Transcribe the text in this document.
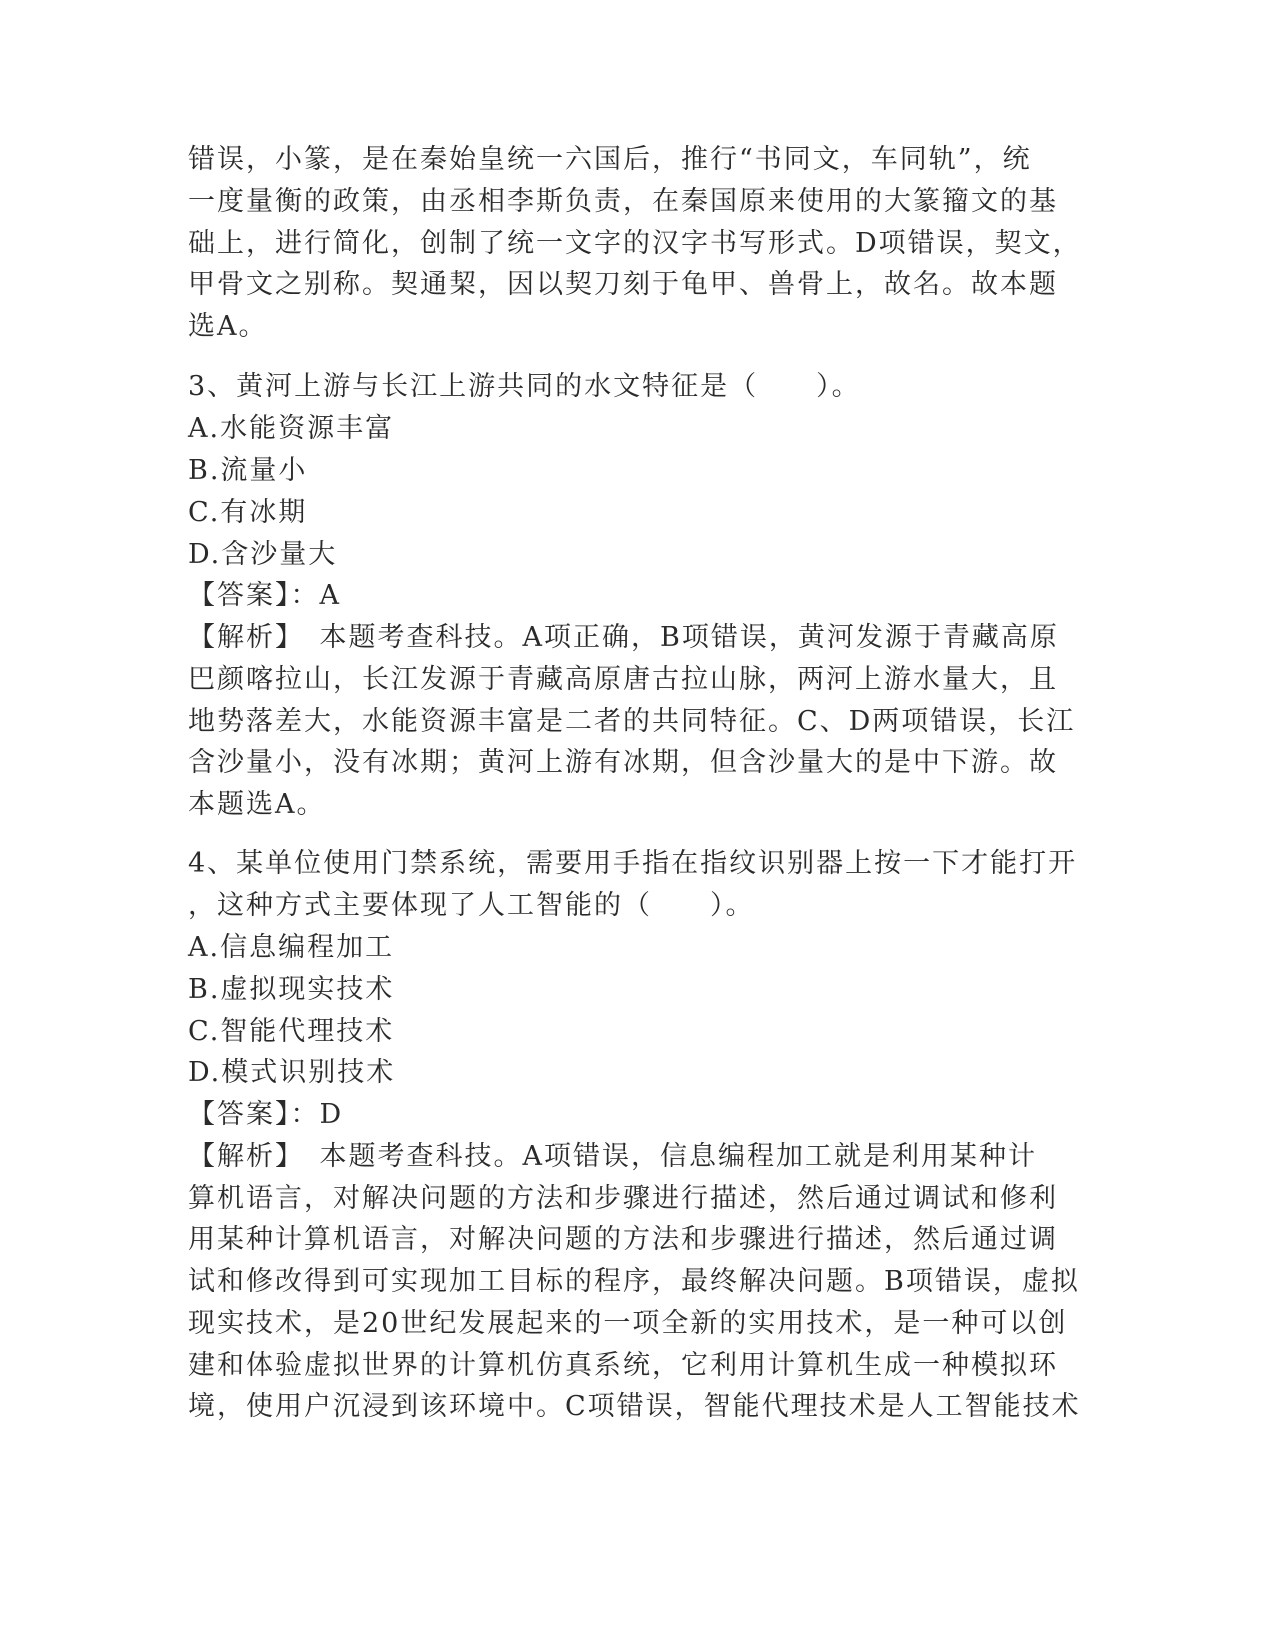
错误，小篆，是在秦始皇统一六国后，推行“书同文，车同轨”，统
一度量衡的政策，由丞相李斯负责，在秦国原来使用的大篆籀文的基
础上，进行简化，创制了统一文字的汉字书写形式。D项错误，契文，
甲骨文之别称。契通栔，因以契刀刻于龟甲、兽骨上，故名。故本题
选A。
3、黄河上游与长江上游共同的水文特征是（　　）。
A.水能资源丰富
B.流量小
C.有冰期
D.含沙量大
【答案】：A
【解析】　本题考查科技。A项正确，B项错误，黄河发源于青藏高原
巴颜喀拉山，长江发源于青藏高原唐古拉山脉，两河上游水量大，且
地势落差大，水能资源丰富是二者的共同特征。C、D两项错误，长江
含沙量小，没有冰期；黄河上游有冰期，但含沙量大的是中下游。故
本题选A。
4、某单位使用门禁系统，需要用手指在指纹识别器上按一下才能打开
，这种方式主要体现了人工智能的（　　）。
A.信息编程加工
B.虚拟现实技术
C.智能代理技术
D.模式识别技术
【答案】：D
【解析】　本题考查科技。A项错误，信息编程加工就是利用某种计
算机语言，对解决问题的方法和步骤进行描述，然后通过调试和修利
用某种计算机语言，对解决问题的方法和步骤进行描述，然后通过调
试和修改得到可实现加工目标的程序，最终解决问题。B项错误，虚拟
现实技术，是20世纪发展起来的一项全新的实用技术，是一种可以创
建和体验虚拟世界的计算机仿真系统，它利用计算机生成一种模拟环
境，使用户沉浸到该环境中。C项错误，智能代理技术是人工智能技术
